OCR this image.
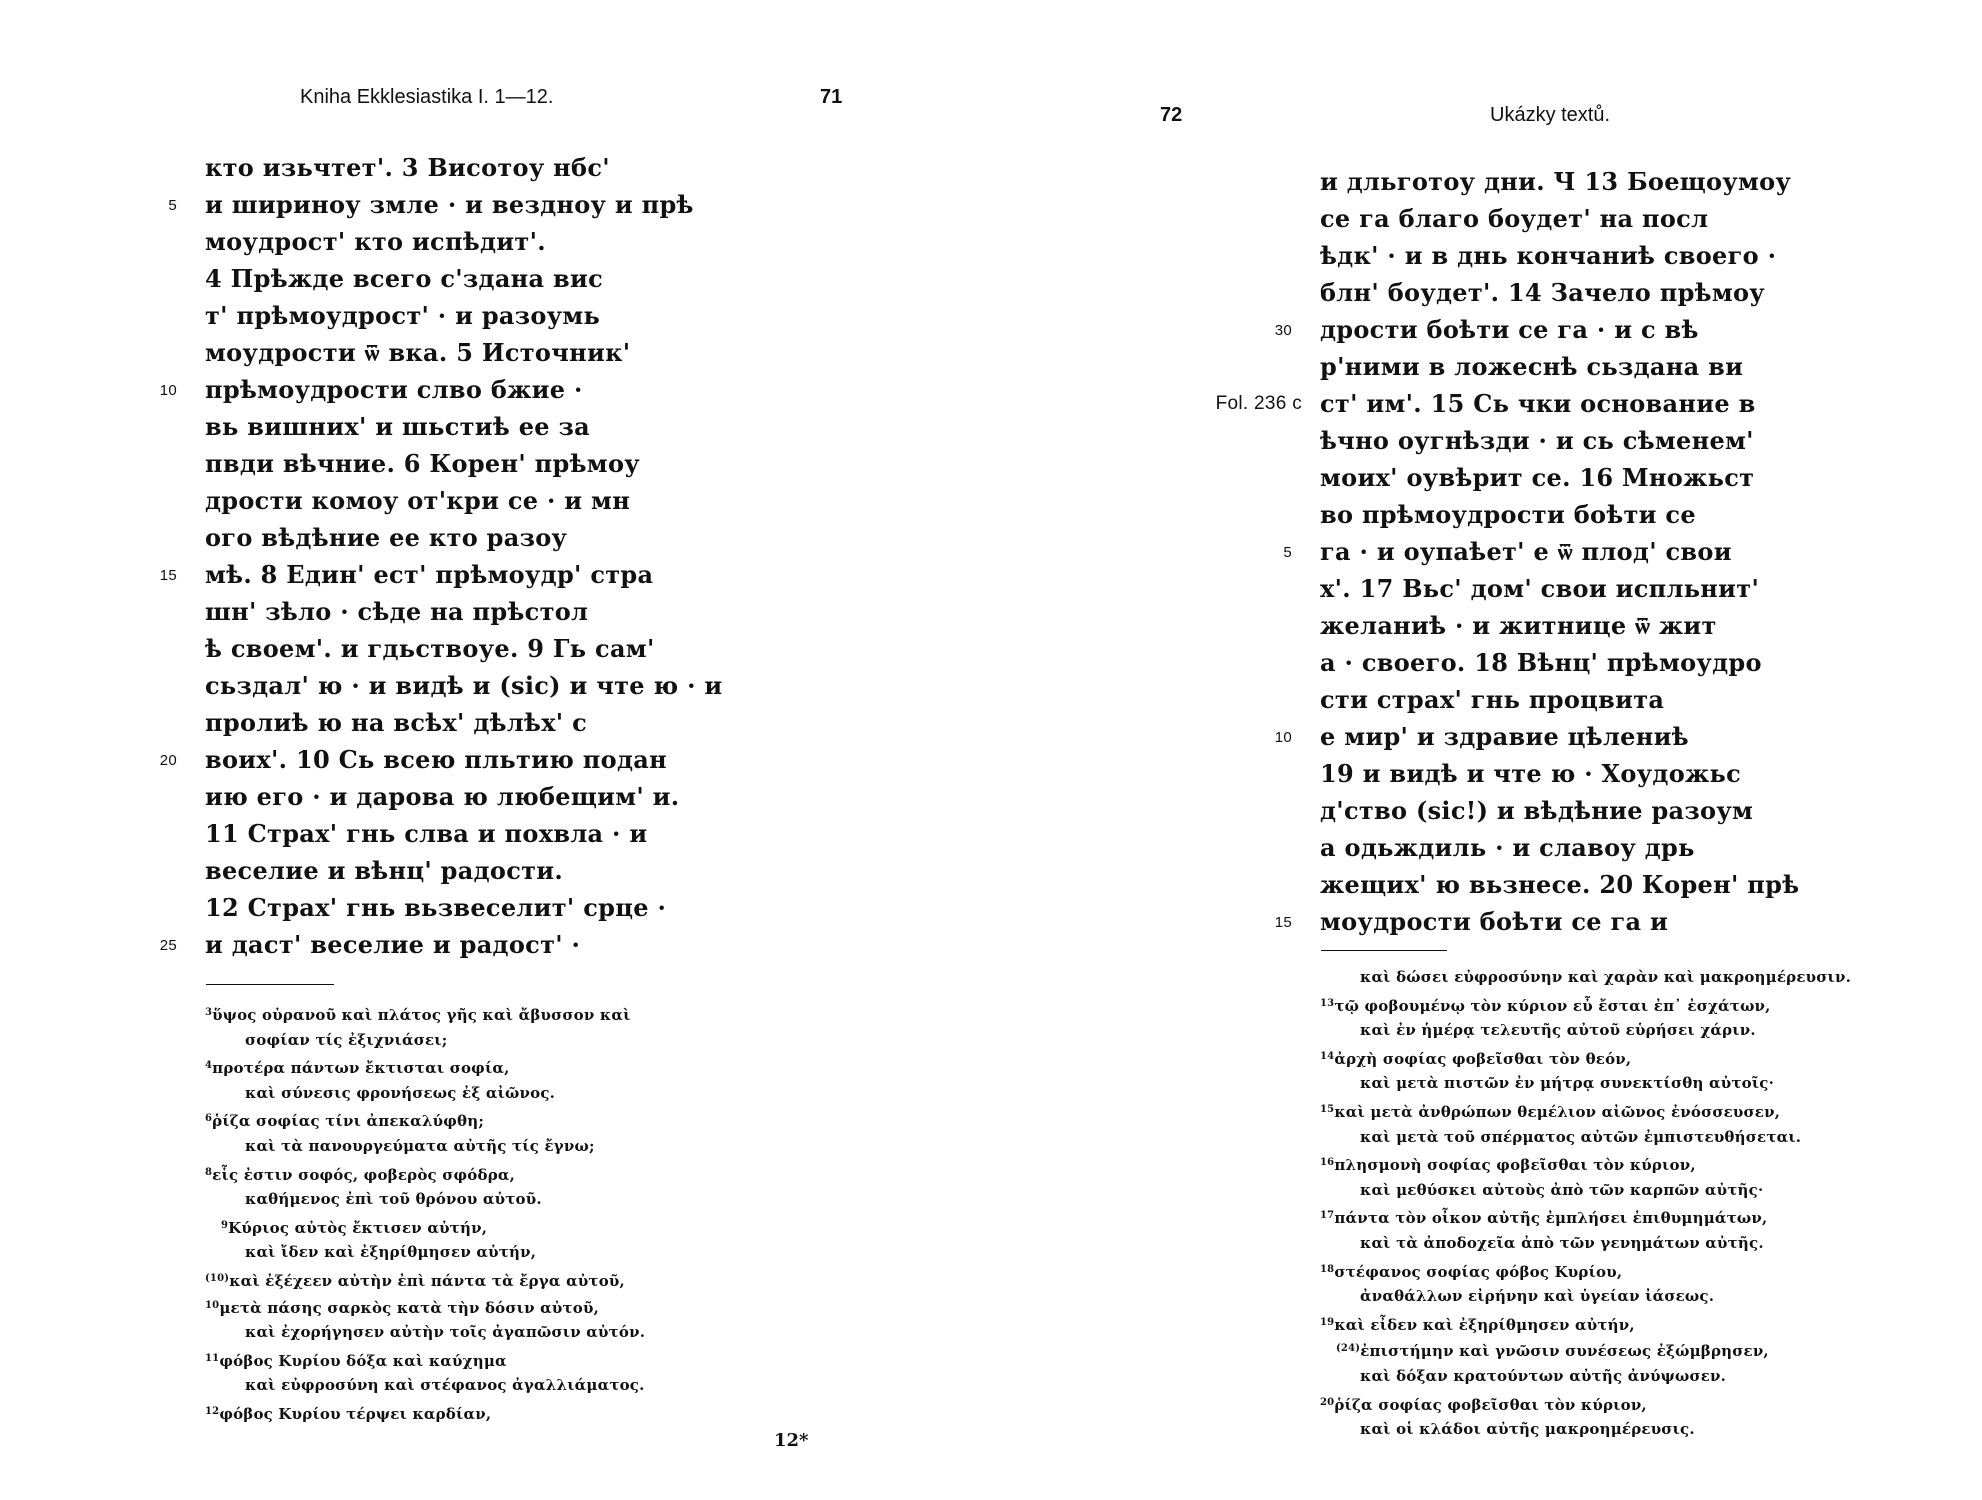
Kniha Ekklesiastika I. 1—12.	71
кто изьчтет'. 3 Висотоу нбс'
5 и шириноу змле · и вездноу и прѣ
моудрост' кто испѣдит'.
4 Прѣжде всего с'здана вис
т' прѣмоудрост' · и разоумь
моудрости ѿ вка. 5 Источник'
10 прѣмоудрости слво бжие ·
вь вишних' и шьстиѣ ее за
пвди вѣчние. 6 Корен' прѣмоу
дрости комоу от'кри се · и мн
ого вѣдѣние ее кто разоу
15 мѣ. 8 Един' ест' прѣмоудр' стра
шн' зѣло · сѣде на прѣстол
ѣ своем'. и гдьствоуе. 9 Гь сам'
сьздал' ю · и видѣ и (sic) и чте ю · и
пролиѣ ю на всѣх' дѣлѣх' с
20 воих'. 10 Сь всею пльтию подан
ию его · и дарова ю любещим' и.
11 Страх' гнь слва и похвла · и
веселие и вѣнц' радости.
12 Страх' гнь вьзвеселит' срце ·
25 и даст' веселие и радост' ·
$^3$ὕψος οὐρανοῦ καὶ πλάτος γῆς καὶ ἄβυσσον καὶ
σοφίαν τίς ἐξιχνιάσει;
$^4$προτέρα πάντων ἔκτισται σοφία,
καὶ σύνεσις φρονήσεως ἐξ αἰῶνος.
$^6$ῥίζα σοφίας τίνι ἀπεκαλύφθη;
καὶ τὰ πανουργεύματα αὐτῆς τίς ἔγνω;
$^8$εἷς ἐστιν σοφός, φοβερὸς σφόδρα,
καθήμενος ἐπὶ τοῦ θρόνου αὐτοῦ.
$^9$Κύριος αὐτὸς ἔκτισεν αὐτήν,
καὶ ἴδεν καὶ ἐξηρίθμησεν αὐτήν,
$^{(10)}$καὶ ἐξέχεεν αὐτὴν ἐπὶ πάντα τὰ ἔργα αὐτοῦ,
$^{10}$μετὰ πάσης σαρκὸς κατὰ τὴν δόσιν αὐτοῦ,
καὶ ἐχορήγησεν αὐτὴν τοῖς ἀγαπῶσιν αὐτόν.
$^{11}$φόβος Κυρίου δόξα καὶ καύχημα
καὶ εὐφροσύνη καὶ στέφανος ἀγαλλιάματος.
$^{12}$φόβος Κυρίου τέρψει καρδίαν,
12*
72	Ukázky textů.
и дльготоу дни. Ч 13 Боещоумоу
се га благо боудет' на посл
ѣдк' · и в днь кончаниѣ своего ·
блн' боудет'. 14 Зачело прѣмоу
30 дрости боѣти се га · и с вѣ
р'ними в ложеснѣ сьздана ви
Fol. 236 c ст' им'. 15 Сь чки основание в
ѣчно оугнѣзди · и сь сѣменем'
моих' оувѣрит се. 16 Множьст
во прѣмоудрости боѣти се
5 га · и оупаѣет' е ѿ плод' свои
х'. 17 Вьс' дом' свои испльнит'
желаниѣ · и житнице ѿ жит
а · своего. 18 Вѣнц' прѣмоудро
сти страх' гнь процвита
10 е мир' и здравие цѣлениѣ
19 и видѣ и чте ю · Хоудожьс
д'ство (sic!) и вѣдѣние разоум
а одьждиль · и славоу дрь
жещих' ю вьзнесе. 20 Корен' прѣ
15 моудрости боѣти се га и
καὶ δώσει εὐφροσύνην καὶ χαρὰν καὶ μακροημέρευσιν.
$^{13}$τῷ φοβουμένῳ τὸν κύριον εὖ ἔσται ἐπ᾽ ἐσχάτων,
καὶ ἐν ἡμέρᾳ τελευτῆς αὐτοῦ εὑρήσει χάριν.
$^{14}$ἀρχὴ σοφίας φοβεῖσθαι τὸν θεόν,
καὶ μετὰ πιστῶν ἐν μήτρᾳ συνεκτίσθη αὐτοῖς·
$^{15}$καὶ μετὰ ἀνθρώπων θεμέλιον αἰῶνος ἐνόσσευσεν,
καὶ μετὰ τοῦ σπέρματος αὐτῶν ἐμπιστευθήσεται.
$^{16}$πλησμονὴ σοφίας φοβεῖσθαι τὸν κύριον,
καὶ μεθύσκει αὐτοὺς ἀπὸ τῶν καρπῶν αὐτῆς·
$^{17}$πάντα τὸν οἶκον αὐτῆς ἐμπλήσει ἐπιθυμημάτων,
καὶ τὰ ἀποδοχεῖα ἀπὸ τῶν γενημάτων αὐτῆς.
$^{18}$στέφανος σοφίας φόβος Κυρίου,
ἀναθάλλων εἰρήνην καὶ ὑγείαν ἰάσεως.
$^{19}$καὶ εἶδεν καὶ ἐξηρίθμησεν αὐτήν,
$^{(24)}$ἐπιστήμην καὶ γνῶσιν συνέσεως ἐξώμβρησεν,
καὶ δόξαν κρατούντων αὐτῆς ἀνύψωσεν.
$^{20}$ῥίζα σοφίας φοβεῖσθαι τὸν κύριον,
καὶ οἱ κλάδοι αὐτῆς μακροημέρευσις.
